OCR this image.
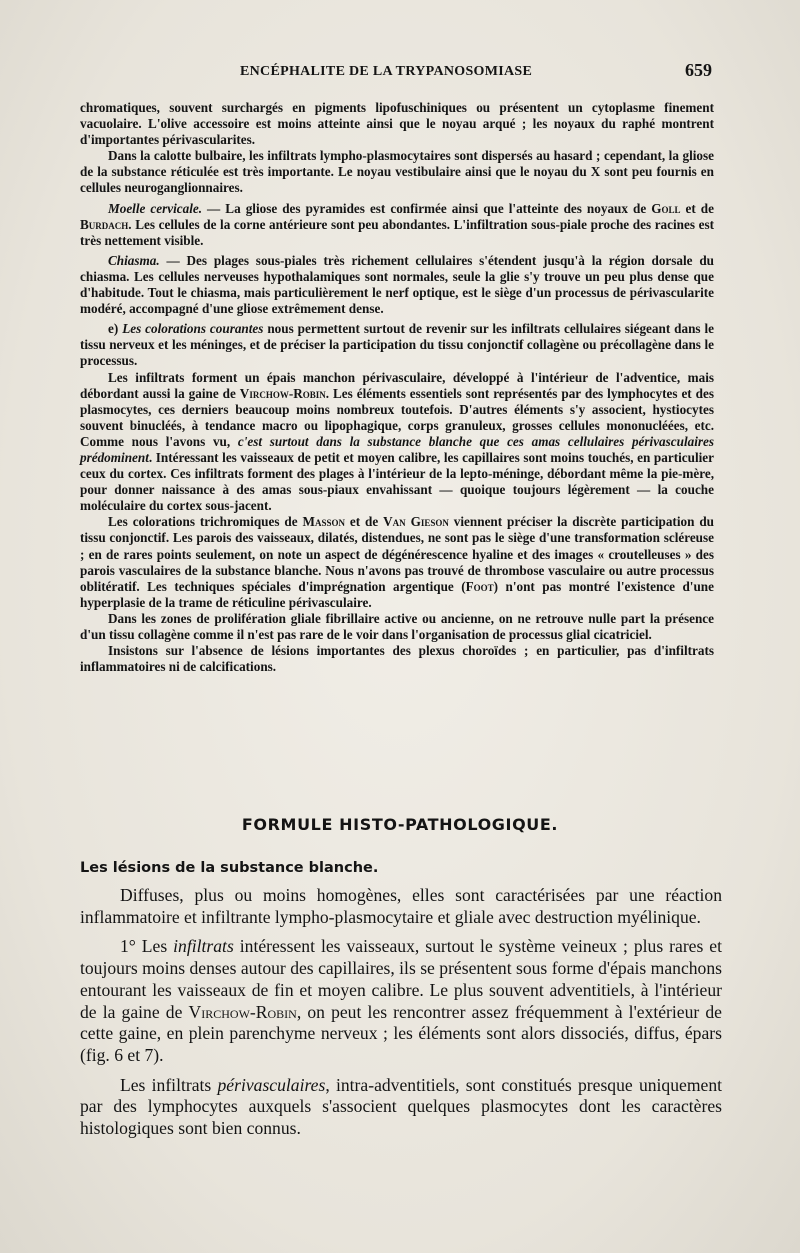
ENCÉPHALITE DE LA TRYPANOSOMIASE	659

chromatiques, souvent surchargés en pigments lipofuschiniques ou présentent un cytoplasme finement vacuolaire. L'olive accessoire est moins atteinte ainsi que le noyau arqué ; les noyaux du raphé montrent d'importantes périvascularites.

Dans la calotte bulbaire, les infiltrats lympho-plasmocytaires sont dispersés au hasard ; cependant, la gliose de la substance réticulée est très importante. Le noyau vestibulaire ainsi que le noyau du X sont peu fournis en cellules neuroganglionnaires.

Moelle cervicale. — La gliose des pyramides est confirmée ainsi que l'atteinte des noyaux de Goll et de Burdach. Les cellules de la corne antérieure sont peu abondantes. L'infiltration sous-piale proche des racines est très nettement visible.

Chiasma. — Des plages sous-piales très richement cellulaires s'étendent jusqu'à la région dorsale du chiasma. Les cellules nerveuses hypothalamiques sont normales, seule la glie s'y trouve un peu plus dense que d'habitude. Tout le chiasma, mais particulièrement le nerf optique, est le siège d'un processus de périvascularite modéré, accompagné d'une gliose extrêmement dense.

e) Les colorations courantes nous permettent surtout de revenir sur les infiltrats cellulaires siégeant dans le tissu nerveux et les méninges, et de préciser la participation du tissu conjonctif collagène ou précollagène dans le processus.

Les infiltrats forment un épais manchon périvasculaire, développé à l'intérieur de l'adventice, mais débordant aussi la gaine de Virchow-Robin. Les éléments essentiels sont représentés par des lymphocytes et des plasmocytes, ces derniers beaucoup moins nombreux toutefois. D'autres éléments s'y associent, hystiocytes souvent binucléés, à tendance macro ou lipophagique, corps granuleux, grosses cellules mononucléées, etc. Comme nous l'avons vu, c'est surtout dans la substance blanche que ces amas cellulaires périvasculaires prédominent. Intéressant les vaisseaux de petit et moyen calibre, les capillaires sont moins touchés, en particulier ceux du cortex. Ces infiltrats forment des plages à l'intérieur de la lepto-méninge, débordant même la pie-mère, pour donner naissance à des amas sous-piaux envahissant — quoique toujours légèrement — la couche moléculaire du cortex sous-jacent.

Les colorations trichromiques de Masson et de Van Gieson viennent préciser la discrète participation du tissu conjonctif. Les parois des vaisseaux, dilatés, distendues, ne sont pas le siège d'une transformation scléreuse ; en de rares points seulement, on note un aspect de dégénérescence hyaline et des images « croutelleuses » des parois vasculaires de la substance blanche. Nous n'avons pas trouvé de thrombose vasculaire ou autre processus oblitératif. Les techniques spéciales d'imprégnation argentique (Foot) n'ont pas montré l'existence d'une hyperplasie de la trame de réticuline périvasculaire.

Dans les zones de prolifération gliale fibrillaire active ou ancienne, on ne retrouve nulle part la présence d'un tissu collagène comme il n'est pas rare de le voir dans l'organisation de processus glial cicatriciel.

Insistons sur l'absence de lésions importantes des plexus choroïdes ; en particulier, pas d'infiltrats inflammatoires ni de calcifications.

FORMULE HISTO-PATHOLOGIQUE.
Les lésions de la substance blanche.

Diffuses, plus ou moins homogènes, elles sont caractérisées par une réaction inflammatoire et infiltrante lympho-plasmocytaire et gliale avec destruction myélinique.

1° Les infiltrats intéressent les vaisseaux, surtout le système veineux ; plus rares et toujours moins denses autour des capillaires, ils se présentent sous forme d'épais manchons entourant les vaisseaux de fin et moyen calibre. Le plus souvent adventitiels, à l'intérieur de la gaine de Virchow-Robin, on peut les rencontrer assez fréquemment à l'extérieur de cette gaine, en plein parenchyme nerveux ; les éléments sont alors dissociés, diffus, épars (fig. 6 et 7).

Les infiltrats périvasculaires, intra-adventitiels, sont constitués presque uniquement par des lymphocytes auxquels s'associent quelques plasmocytes dont les caractères histologiques sont bien connus.
